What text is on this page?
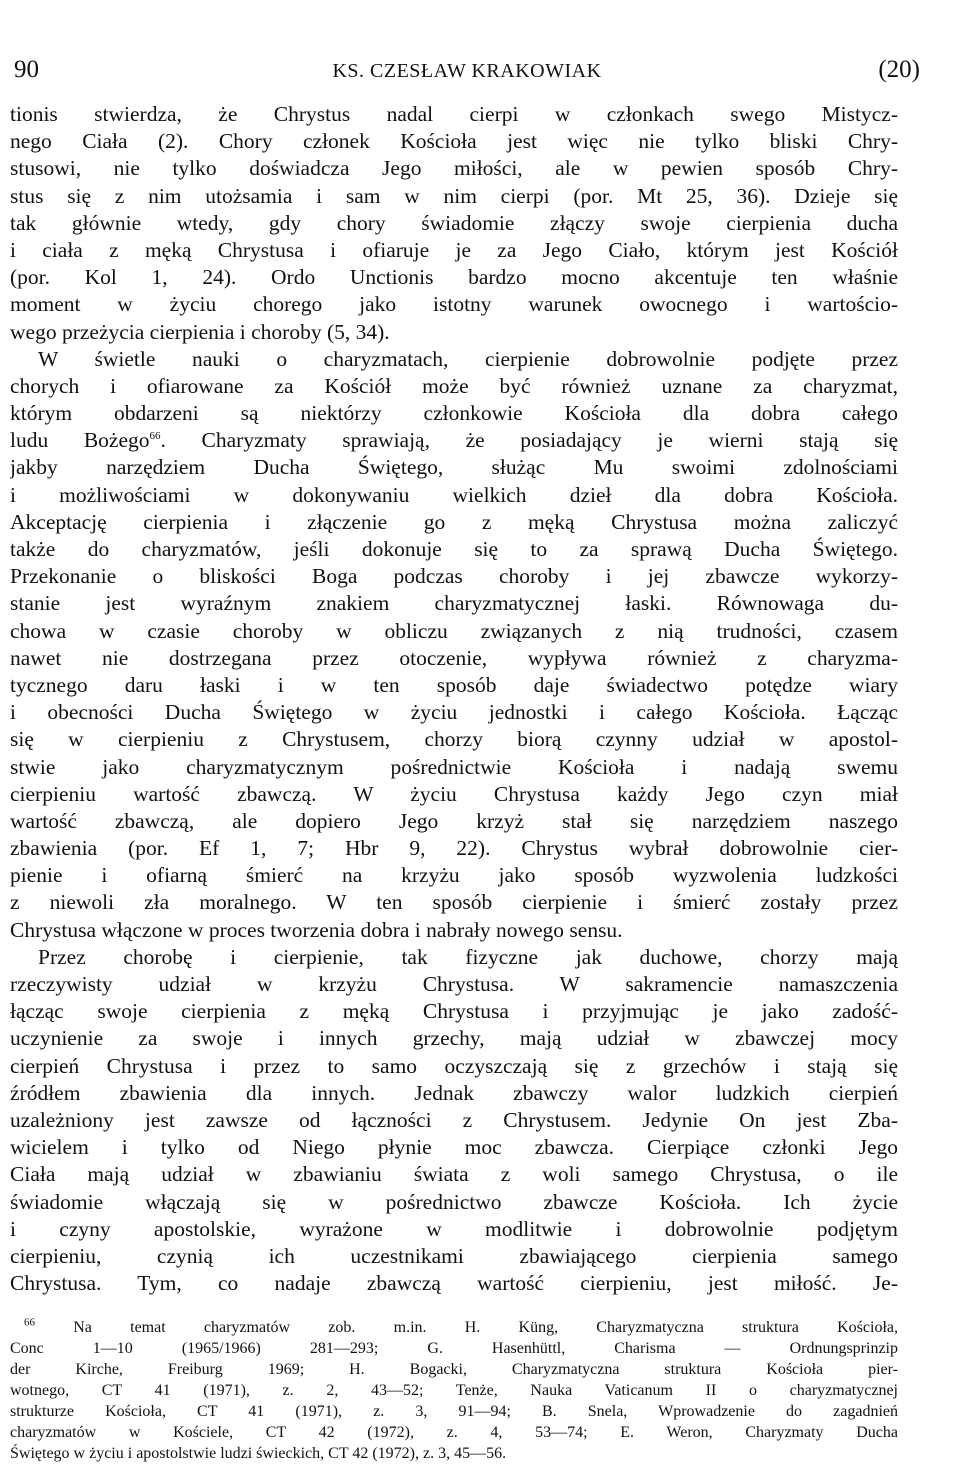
90	KS. CZESŁAW KRAKOWIAK	(20)
tionis stwierdza, że Chrystus nadal cierpi w członkach swego Mistycz-
nego Ciała (2). Chory członek Kościoła jest więc nie tylko bliski Chry-
stusowi, nie tylko doświadcza Jego miłości, ale w pewien sposób Chry-
stus się z nim utożsamia i sam w nim cierpi (por. Mt 25, 36). Dzieje się
tak głównie wtedy, gdy chory świadomie złączy swoje cierpienia ducha
i ciała z męką Chrystusa i ofiaruje je za Jego Ciało, którym jest Kościół
(por. Kol 1, 24). Ordo Unctionis bardzo mocno akcentuje ten właśnie
moment w życiu chorego jako istotny warunek owocnego i wartościo-
wego przeżycia cierpienia i choroby (5, 34).
W świetle nauki o charyzmatach, cierpienie dobrowolnie podjęte przez
chorych i ofiarowane za Kościół może być również uznane za charyzmat,
którym obdarzeni są niektórzy członkowie Kościoła dla dobra całego
ludu Bożego$^{66}$. Charyzmaty sprawiają, że posiadający je wierni stają się
jakby narzędziem Ducha Świętego, służąc Mu swoimi zdolnościami
i możliwościami w dokonywaniu wielkich dzieł dla dobra Kościoła.
Akceptację cierpienia i złączenie go z męką Chrystusa można zaliczyć
także do charyzmatów, jeśli dokonuje się to za sprawą Ducha Świętego.
Przekonanie o bliskości Boga podczas choroby i jej zbawcze wykorzy-
stanie jest wyraźnym znakiem charyzmatycznej łaski. Równowaga du-
chowa w czasie choroby w obliczu związanych z nią trudności, czasem
nawet nie dostrzegana przez otoczenie, wypływa również z charyzma-
tycznego daru łaski i w ten sposób daje świadectwo potędze wiary
i obecności Ducha Świętego w życiu jednostki i całego Kościoła. Łącząc
się w cierpieniu z Chrystusem, chorzy biorą czynny udział w apostol-
stwie jako charyzmatycznym pośrednictwie Kościoła i nadają swemu
cierpieniu wartość zbawczą. W życiu Chrystusa każdy Jego czyn miał
wartość zbawczą, ale dopiero Jego krzyż stał się narzędziem naszego
zbawienia (por. Ef 1, 7; Hbr 9, 22). Chrystus wybrał dobrowolnie cier-
pienie i ofiarną śmierć na krzyżu jako sposób wyzwolenia ludzkości
z niewoli zła moralnego. W ten sposób cierpienie i śmierć zostały przez
Chrystusa włączone w proces tworzenia dobra i nabrały nowego sensu.
Przez chorobę i cierpienie, tak fizyczne jak duchowe, chorzy mają
rzeczywisty udział w krzyżu Chrystusa. W sakramencie namaszczenia
łącząc swoje cierpienia z męką Chrystusa i przyjmując je jako zadość-
uczynienie za swoje i innych grzechy, mają udział w zbawczej mocy
cierpień Chrystusa i przez to samo oczyszczają się z grzechów i stają się
źródłem zbawienia dla innych. Jednak zbawczy walor ludzkich cierpień
uzależniony jest zawsze od łączności z Chrystusem. Jedynie On jest Zba-
wicielem i tylko od Niego płynie moc zbawcza. Cierpiące członki Jego
Ciała mają udział w zbawianiu świata z woli samego Chrystusa, o ile
świadomie włączają się w pośrednictwo zbawcze Kościoła. Ich życie
i czyny apostolskie, wyrażone w modlitwie i dobrowolnie podjętym
cierpieniu, czynią ich uczestnikami zbawiającego cierpienia samego
Chrystusa. Tym, co nadaje zbawczą wartość cierpieniu, jest miłość. Je-
$^{66}$ Na temat charyzmatów zob. m.in. H. Küng, Charyzmatyczna struktura Kościoła,
Conc 1—10 (1965/1966) 281—293; G. Hasenhüttl, Charisma — Ordnungsprinzip
der Kirche, Freiburg 1969; H. Bogacki, Charyzmatyczna struktura Kościoła pier-
wotnego, CT 41 (1971), z. 2, 43—52; Tenże, Nauka Vaticanum II o charyzmatycznej
strukturze Kościoła, CT 41 (1971), z. 3, 91—94; B. Snela, Wprowadzenie do zagadnień
charyzmatów w Kościele, CT 42 (1972), z. 4, 53—74; E. Weron, Charyzmaty Ducha
Świętego w życiu i apostolstwie ludzi świeckich, CT 42 (1972), z. 3, 45—56.
